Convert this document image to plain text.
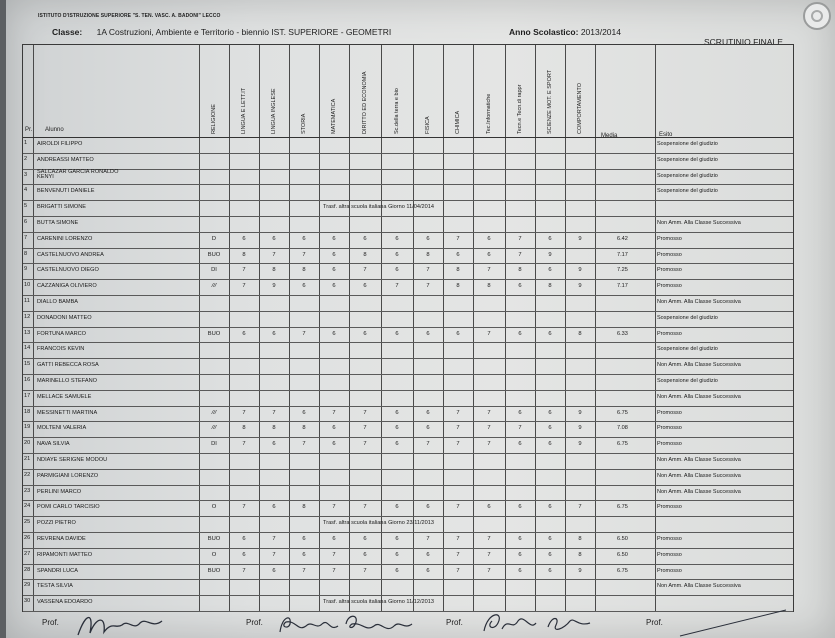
ISTITUTO D'ISTRUZIONE SUPERIORE "S. TEN. VASC. A. BADONI" LECCO
Classe: 1A Costruzioni, Ambiente e Territorio - biennio IST. SUPERIORE - GEOMETRI	Anno Scolastico: 2013/2014
SCRUTINIO FINALE
Pr. Alunno
Media	Esito
RELIGIONE	LINGUA E LETT.IT	LINGUA INGLESE	STORIA	MATEMATICA	DIRITTO ED ECONOMIA	Sc.della terra e bio	FISICA	CHIMICA	Tec.Informatiche	Tecn.e Tecn.di rappr	SCIENZE MOT. E SPORT	COMPORTAMENTO
1 AIROLDI FILIPPO	Sospensione del giudizio
2 ANDREASSI MATTEO	Sospensione del giudizio
3 SALCAZAR GARCIA RONALDO
KENYI	Sospensione del giudizio
4 BENVENUTI DANIELE	Sospensione del giudizio
5 BRIGATTI SIMONE	Trasf. altra scuola italiana Giorno 11/04/2014
6 BUTTA SIMONE	Non Amm. Alla Classe Successiva
7 CARENINI LORENZO	D	6	6	6	6	6	6	6	7	6	7	6	9	6.42	Promosso
8 CASTELNUOVO ANDREA	BUO	8	7	7	6	8	6	8	6	6	7	9	7.17	Promosso
9 CASTELNUOVO DIEGO	DI	7	8	8	6	7	6	7	8	7	8	6	9	7.25	Promosso
10 CAZZANIGA OLIVIERO	///	7	9	6	6	6	7	7	8	8	6	8	9	7.17	Promosso
11 DIALLO BAMBA	Non Amm. Alla Classe Successiva
12 DONADONI MATTEO	Sospensione del giudizio
13 FORTUNA MARCO	BUO	6	6	7	6	6	6	6	6	7	6	6	8	6.33	Promosso
14 FRANCOIS KEVIN	Sospensione del giudizio
15 GATTI REBECCA ROSA	Non Amm. Alla Classe Successiva
16 MARINELLO STEFANO	Sospensione del giudizio
17 MELLACE SAMUELE	Non Amm. Alla Classe Successiva
18 MESSINETTI MARTINA	///	7	7	6	7	7	6	6	7	7	6	6	9	6.75	Promosso
19 MOLTENI VALERIA	///	8	8	8	6	7	6	6	7	7	7	6	9	7.08	Promosso
20 NAVA SILVIA	DI	7	6	7	6	7	6	7	7	7	6	6	9	6.75	Promosso
21 NDIAYE SERIGNE MODOU	Non Amm. Alla Classe Successiva
22 PARMIGIANI LORENZO	Non Amm. Alla Classe Successiva
23 PERLINI MARCO	Non Amm. Alla Classe Successiva
24 POMI CARLO TARCISIO	O	7	6	8	7	7	6	6	7	6	6	6	7	6.75	Promosso
25 POZZI PIETRO	Trasf. altra scuola italiana Giorno 23/11/2013
26 REVRENA DAVIDE	BUO	6	7	6	6	6	6	7	7	7	6	6	8	6.50	Promosso
27 RIPAMONTI MATTEO	O	6	7	6	7	6	6	6	7	7	6	6	8	6.50	Promosso
28 SPANDRI LUCA	BUO	7	6	7	7	7	6	6	7	7	6	6	9	6.75	Promosso
29 TESTA SILVIA	Non Amm. Alla Classe Successiva
30 VASSENA EDOARDO	Trasf. altra scuola italiana Giorno 11/12/2013
Prof.	Prof.	Prof.	Prof.
